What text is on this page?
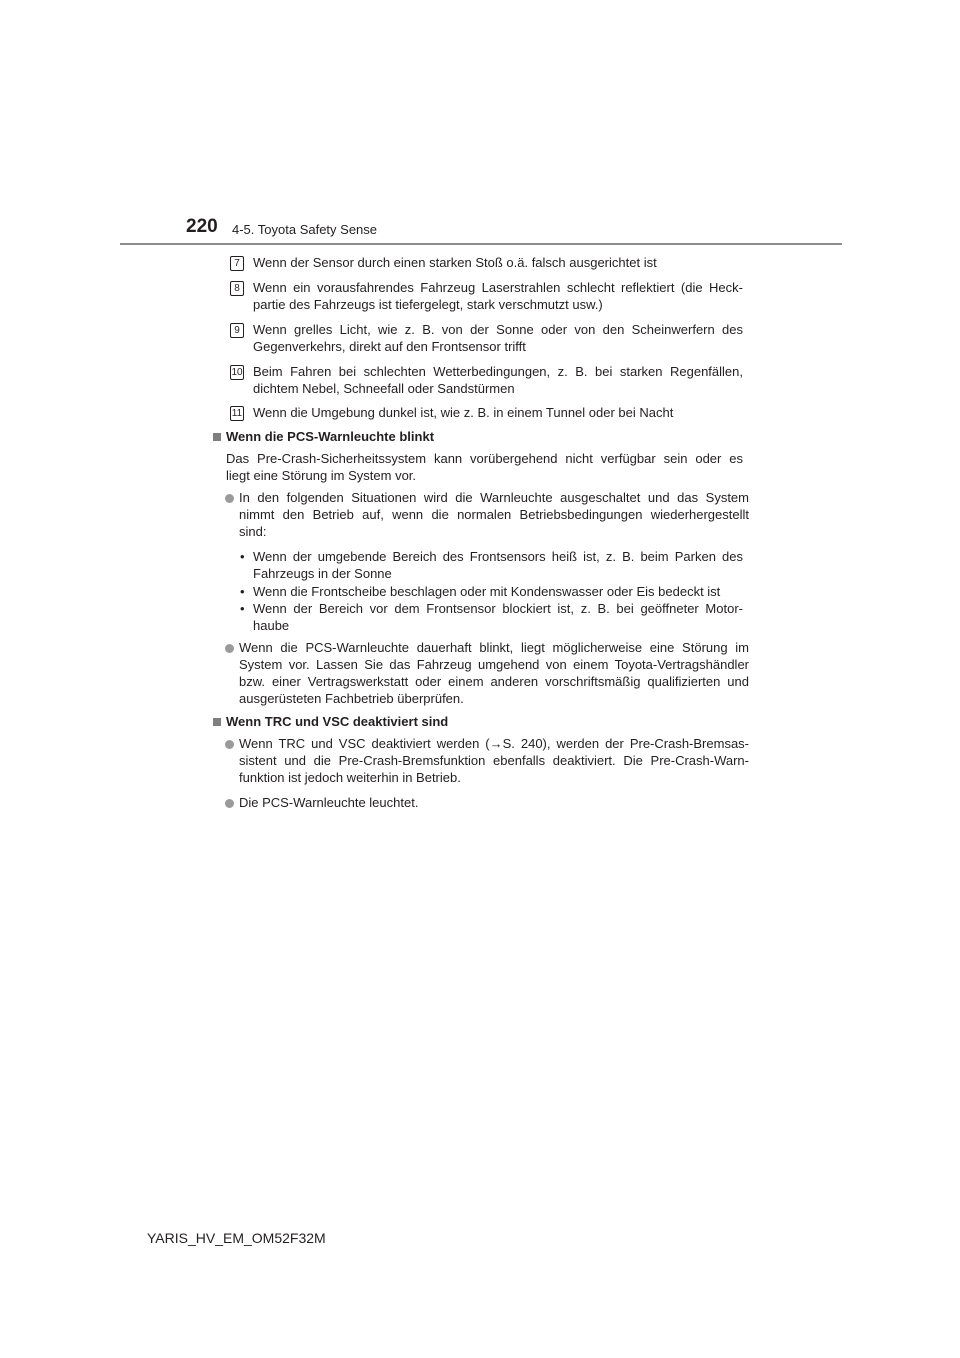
220 4-5. Toyota Safety Sense
7	Wenn der Sensor durch einen starken Stoß o.ä. falsch ausgerichtet ist
8	Wenn ein vorausfahrendes Fahrzeug Laserstrahlen schlecht reflektiert (die Heck-
partie des Fahrzeugs ist tiefergelegt, stark verschmutzt usw.)
9	Wenn grelles Licht, wie z. B. von der Sonne oder von den Scheinwerfern des
Gegenverkehrs, direkt auf den Frontsensor trifft
10 Beim Fahren bei schlechten Wetterbedingungen, z. B. bei starken Regenfällen,
dichtem Nebel, Schneefall oder Sandstürmen
11 Wenn die Umgebung dunkel ist, wie z. B. in einem Tunnel oder bei Nacht
Wenn die PCS-Warnleuchte blinkt
Das Pre-Crash-Sicherheitssystem kann vorübergehend nicht verfügbar sein oder es
liegt eine Störung im System vor.
In den folgenden Situationen wird die Warnleuchte ausgeschaltet und das System
nimmt den Betrieb auf, wenn die normalen Betriebsbedingungen wiederhergestellt
sind:
• Wenn der umgebende Bereich des Frontsensors heiß ist, z. B. beim Parken des
Fahrzeugs in der Sonne
• Wenn die Frontscheibe beschlagen oder mit Kondenswasser oder Eis bedeckt ist
• Wenn der Bereich vor dem Frontsensor blockiert ist, z. B. bei geöffneter Motor-
haube
Wenn die PCS-Warnleuchte dauerhaft blinkt, liegt möglicherweise eine Störung im
System vor. Lassen Sie das Fahrzeug umgehend von einem Toyota-Vertragshändler
bzw. einer Vertragswerkstatt oder einem anderen vorschriftsmäßig qualifizierten und
ausgerüsteten Fachbetrieb überprüfen.
Wenn TRC und VSC deaktiviert sind
Wenn TRC und VSC deaktiviert werden (→S. 240), werden der Pre-Crash-Bremsas-
sistent und die Pre-Crash-Bremsfunktion ebenfalls deaktiviert. Die Pre-Crash-Warn-
funktion ist jedoch weiterhin in Betrieb.
Die PCS-Warnleuchte leuchtet.
YARIS_HV_EM_OM52F32M
